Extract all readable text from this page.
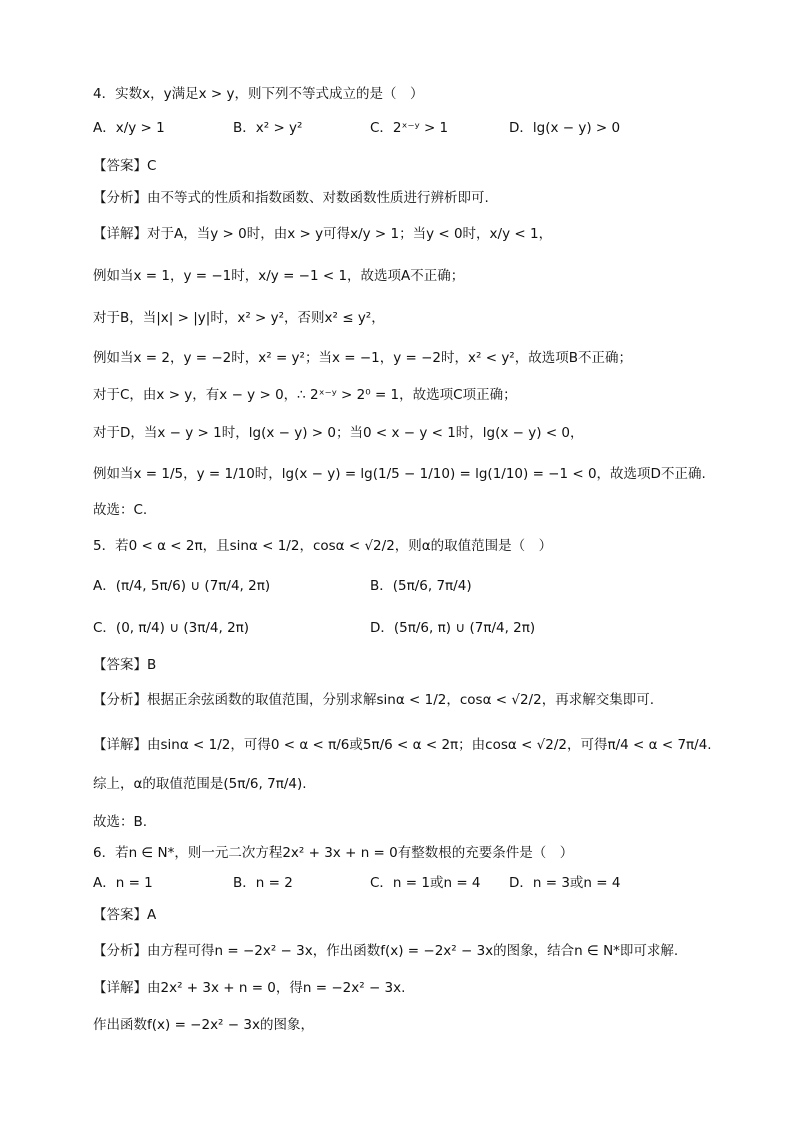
4．实数x，y满足x > y，则下列不等式成立的是（　）
A．x/y > 1	B．x² > y²	C．2ˣ⁻ʸ > 1	D．lg(x − y) > 0
【答案】C
【分析】由不等式的性质和指数函数、对数函数性质进行辨析即可.
【详解】对于A，当y > 0时，由x > y可得x/y > 1；当y < 0时，x/y < 1，
例如当x = 1，y = −1时，x/y = −1 < 1，故选项A不正确；
对于B，当|x| > |y|时，x² > y²，否则x² ≤ y²，
例如当x = 2，y = −2时，x² = y²；当x = −1，y = −2时，x² < y²，故选项B不正确；
对于C，由x > y，有x − y > 0，∴ 2ˣ⁻ʸ > 2⁰ = 1，故选项C项正确；
对于D，当x − y > 1时，lg(x − y) > 0；当0 < x − y < 1时，lg(x − y) < 0，
例如当x = 1/5，y = 1/10时，lg(x − y) = lg(1/5 − 1/10) = lg(1/10) = −1 < 0，故选项D不正确.
故选：C.
5．若0 < α < 2π，且sinα < 1/2，cosα < √2/2，则α的取值范围是（　）
A．(π/4, 5π/6) ∪ (7π/4, 2π)	B．(5π/6, 7π/4)
C．(0, π/4) ∪ (3π/4, 2π)	D．(5π/6, π) ∪ (7π/4, 2π)
【答案】B
【分析】根据正余弦函数的取值范围，分别求解sinα < 1/2，cosα < √2/2，再求解交集即可.
【详解】由sinα < 1/2，可得0 < α < π/6或5π/6 < α < 2π；由cosα < √2/2，可得π/4 < α < 7π/4.
综上，α的取值范围是(5π/6, 7π/4).
故选：B.
6．若n ∈ N*，则一元二次方程2x² + 3x + n = 0有整数根的充要条件是（　）
A．n = 1	B．n = 2	C．n = 1或n = 4 D．n = 3或n = 4
【答案】A
【分析】由方程可得n = −2x² − 3x，作出函数f(x) = −2x² − 3x的图象，结合n ∈ N*即可求解.
【详解】由2x² + 3x + n = 0，得n = −2x² − 3x.
作出函数f(x) = −2x² − 3x的图象，
